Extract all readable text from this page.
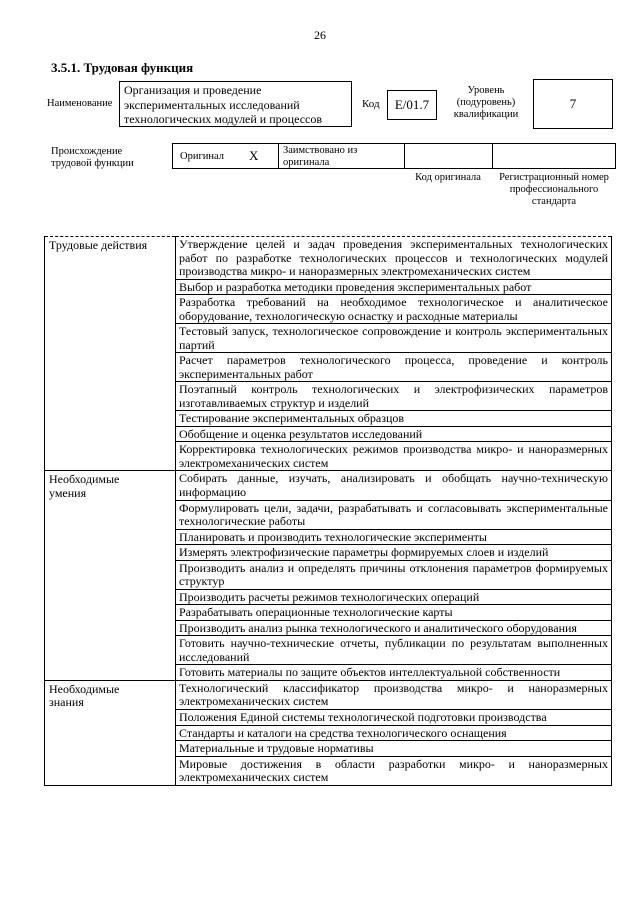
26
3.5.1. Трудовая функция
Наименование
Организация и проведение экспериментальных исследований технологических модулей и процессов
Код E/01.7
Уровень
(подуровень)
квалификации
7
Происхождение
трудовой функции
Оригинал X Заимствовано из
оригинала
Код оригинала	Регистрационный номер
профессионального
стандарта
Трудовые действия	Утверждение целей и задач проведения экспериментальных технологических работ по разработке технологических процессов и технологических модулей производства микро- и наноразмерных электромеханических систем
	Выбор и разработка методики проведения экспериментальных работ
	Разработка требований на необходимое технологическое и аналитическое оборудование, технологическую оснастку и расходные материалы
	Тестовый запуск, технологическое сопровождение и контроль экспериментальных партий
	Расчет параметров технологического процесса, проведение и контроль экспериментальных работ
	Поэтапный контроль технологических и электрофизических параметров изготавливаемых структур и изделий
	Тестирование экспериментальных образцов
	Обобщение и оценка результатов исследований
	Корректировка технологических режимов производства микро- и наноразмерных электромеханических систем

Необходимые
умения	Собирать данные, изучать, анализировать и обобщать научно-техническую информацию
	Формулировать цели, задачи, разрабатывать и согласовывать экспериментальные технологические работы
	Планировать и производить технологические эксперименты
	Измерять электрофизические параметры формируемых слоев и изделий
	Производить анализ и определять причины отклонения параметров формируемых структур
	Производить расчеты режимов технологических операций
	Разрабатывать операционные технологические карты
	Производить анализ рынка технологического и аналитического оборудования
	Готовить научно-технические отчеты, публикации по результатам выполненных исследований
	Готовить материалы по защите объектов интеллектуальной собственности

Необходимые
знания	Технологический классификатор производства микро- и наноразмерных электромеханических систем
	Положения Единой системы технологической подготовки производства
	Стандарты и каталоги на средства технологического оснащения
	Материальные и трудовые нормативы
	Мировые достижения в области разработки микро- и наноразмерных электромеханических систем
